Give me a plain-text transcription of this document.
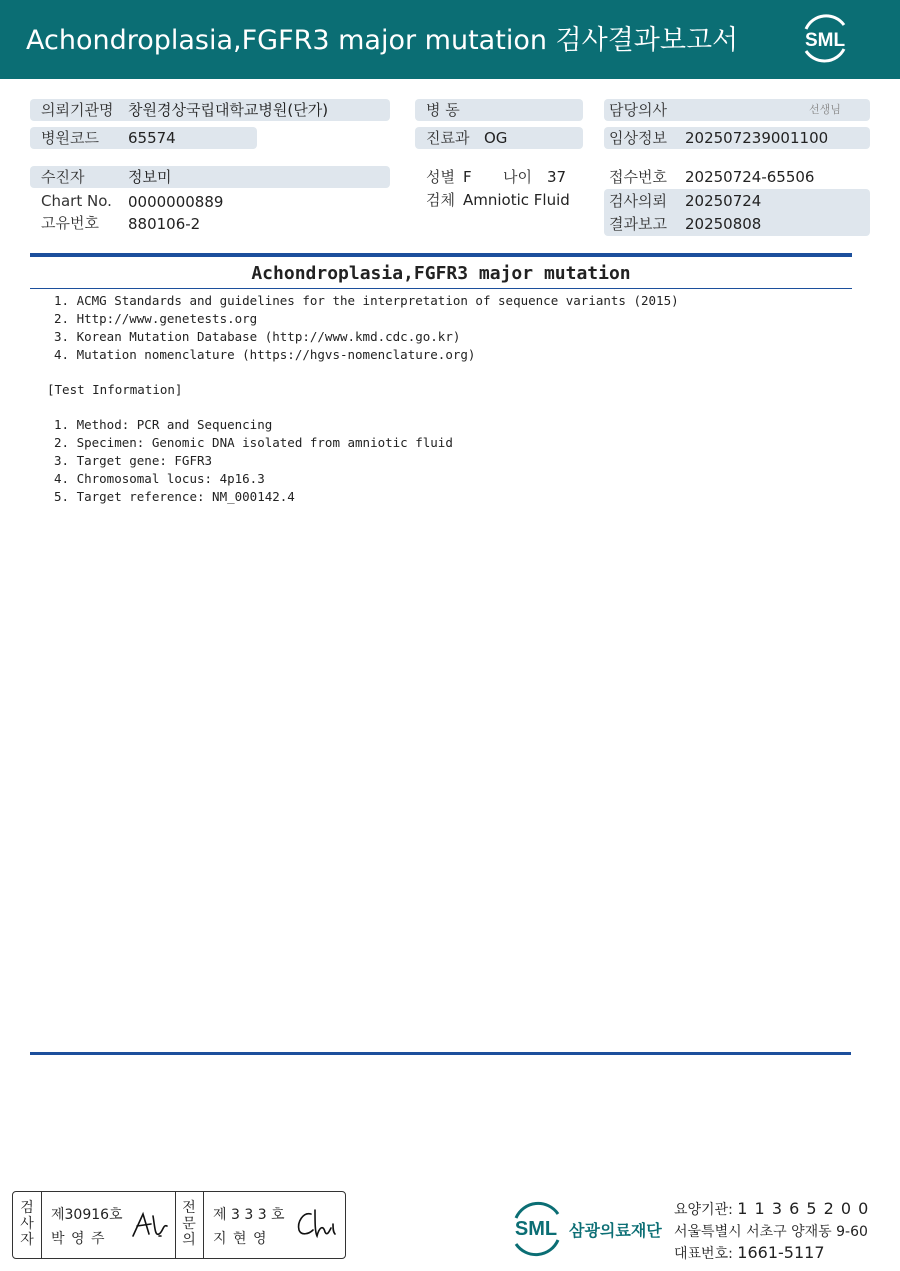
Achondroplasia,FGFR3 major mutation 검사결과보고서	SML
의뢰기관명 창원경상국립대학교병원(단가)
병원코드 65574
수진자	정보미
Chart No. 0000000889
고유번호 880106-2
병 동
진료과 OG
성별 F 나이 37
검체 Amniotic Fluid
담당의사	선생님
임상정보 202507239001100
접수번호 20250724-65506
검사의뢰 20250724
결과보고 20250808
Achondroplasia,FGFR3 major mutation
1. ACMG Standards and guidelines for the interpretation of sequence variants (2015)
2. Http://www.genetests.org
3. Korean Mutation Database (http://www.kmd.cdc.go.kr)
4. Mutation nomenclature (https://hgvs-nomenclature.org)
[Test Information]
1. Method: PCR and Sequencing
2. Specimen: Genomic DNA isolated from amniotic fluid
3. Target gene: FGFR3
4. Chromosomal locus: 4p16.3
5. Target reference: NM_000142.4
검
사
자
제30916호
박 영 주
전
문
의
제 3 3 3 호
지 현 영	SML 삼광의료재단
요양기관: 1 1 3 6 5 2 0 0
서울특별시 서초구 양재동 9-60
대표번호: 1661-5117
